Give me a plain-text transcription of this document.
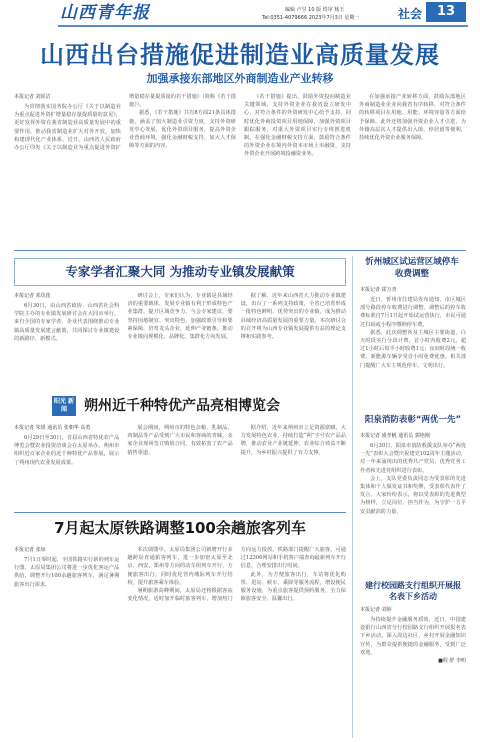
山西青年报	编辑 卢昱 10 版 终审 杨玉
Tel:0351-4079666 2023年7月3日 星期一	社会	13
山西出台措施促进制造业高质量发展
加强承接东部地区外商制造业产业转移

本报记者 刘原洁

为贯彻落实国务院办公厅《关于以制造业为重点促进外资扩增量稳存量提质量的意见》，更好发挥外资在我省制造业高质量发展中的重要作用，推动我省制造业扩大对外开放，加快构建现代化产业体系，近日，山西省人民政府办公厅印发《关于以制造业为重点促进外资扩增量稳存量提质量的若干措施》（简称《若干措施》）。

据悉，《若干措施》共有8方面21条具体措施，涵盖了加大制造业引资力度，支持外资研发中心发展，优化外资项目服务，提高外资企业营商环境，强化金融财税支持，加大人才保障等方面的内容。

《若干措施》提出，鼓励外资投向制造业关键领域，支持外资企业在我省设立研发中心，对符合条件的外资研发中心给予支持。同时优化外商投资项目用地保障，加强外资项目跟踪服务，对重大外资项目实行专班推进机制。在强化金融财税支持方面，鼓励符合条件的外资企业在境内外资本市场上市融资，支持外资企业开展跨境投融资业务。

在加强承接产业转移方面，鼓励东部地区外商制造业企业向我省有序转移，对符合条件的转移项目在用地、用能、环境容量等方面给予保障。此外还将加强外资企业人才引进，为外籍高层次人才提供出入境、停居留等便利，持续优化外资企业服务保障。

专家学者汇聚大同 为推动专业镇发展献策

本报记者 邓玖莲

6月30日，由山西省政协、山西省社会科学院主办的专业镇发展研讨会在大同市举行。来自全国的专家学者、企业代表围绕推动专业镇高质量发展建言献策，共同探讨专业镇建设的新路径、新模式。

研讨会上，专家们认为，专业镇是县域经济的重要载体，发展专业镇有利于形成特色产业集群，提升区域竞争力。与会专家建议，要坚持因地制宜、突出特色，加强政策引导和要素保障，培育龙头企业，延伸产业链条，推动专业镇向规模化、品牌化、集群化方向发展。

据了解，近年来山西省大力推动专业镇建设，出台了一系列支持政策，全省已培育形成一批特色鲜明、优势突出的专业镇，成为推动县域经济高质量发展的重要力量。本次研讨会的召开将为山西专业镇发展提供有益的理论支撑和实践参考。

阳光 新闻	朔州近千种特优产品亮相博览会

本报记者 朱璟 通讯员 张朝华 高勇

6月29日至30日，首届山西省特优农产品博览会暨农业投资洽谈会在太原举办。朔州市组织近百家企业的近千种特优产品参展，展示了朔州现代农业发展成果。

展会期间，朔州市的特色杂粮、乳制品、肉制品等产品受到广大市民和客商的青睐，多家企业现场签订购销合同，有效拓宽了农产品销售渠道。

据介绍，近年来朔州市立足资源禀赋，大力发展特色农业，持续打造“朔”字号农产品品牌，推动农业产业链延伸，农业综合效益不断提升，为乡村振兴提供了有力支撑。

7月起太原铁路调整100余趟旅客列车

本报记者 张琼

7月1日零时起，全国铁路实行新的列车运行图。太原局集团公司将进一步优化客运产品供给，调整开行100余趟旅客列车，满足暑期旅客出行需求。

本次调图中，太原局集团公司新增开行多趟跨局直通旅客列车，进一步加密太原至北京、西安、郑州等方向的动车组列车开行，方便旅客出行。同时优化管内城际列车开行结构，提升旅客乘车体验。

暑期旅游高峰期间，太原局还将根据客流变化情况，适时加开临时旅客列车，增加热门方向运力投放。铁路部门提醒广大旅客，可通过12306网站和手机客户端查询最新列车开行信息，合理安排出行时间。

此外，为方便旅客出行，车站将优化购票、进站、候车、乘降等服务流程，增设便民服务设施，为重点旅客提供预约服务，全力保障旅客安全、温馨出行。

忻州城区试运营区域停车收费调整

本报记者 霍万青

近日，忻州市住建局发布通知，市区城区部分路段停车收费进行调整。调整后的停车收费标准自7月1日起开始试运营执行，市民可通过扫码或小程序缴纳停车费。

据悉，此次调整涉及主城区主要街道，白天时段实行分段计费，首小时内收费2元，超过1小时后每半小时收费1元；夜间时段统一收费。新能源车辆享受首小时免费优惠。相关部门提醒广大车主规范停车，文明出行。

阳泉消防表彰“两优一先”

本报记者 虞孝帆 通讯员 郭艳刚

6月30日，阳泉市消防救援支队举办“两优一先”表彰大会暨庆祝建党102周年主题活动，对一年来涌现出的优秀共产党员、优秀党务工作者和先进党组织进行表彰。

会上，支队党委负责同志为受表彰的先进集体和个人颁发证书和奖牌，受表彰代表作了发言。大家纷纷表示，将以受表彰的先进典型为榜样，立足岗位、担当作为，为守护一方平安贡献消防力量。

建行校园路支行组织开展报名表下乡活动

本报记者 刘婷

为持续提升金融服务质效，近日，中国建设银行山西省分行校园路支行组织开展报名表下乡活动，深入周边社区、乡村开展金融知识宣传，为群众提供便捷的金融服务，受到广泛欢迎。

■程 舒 李明
